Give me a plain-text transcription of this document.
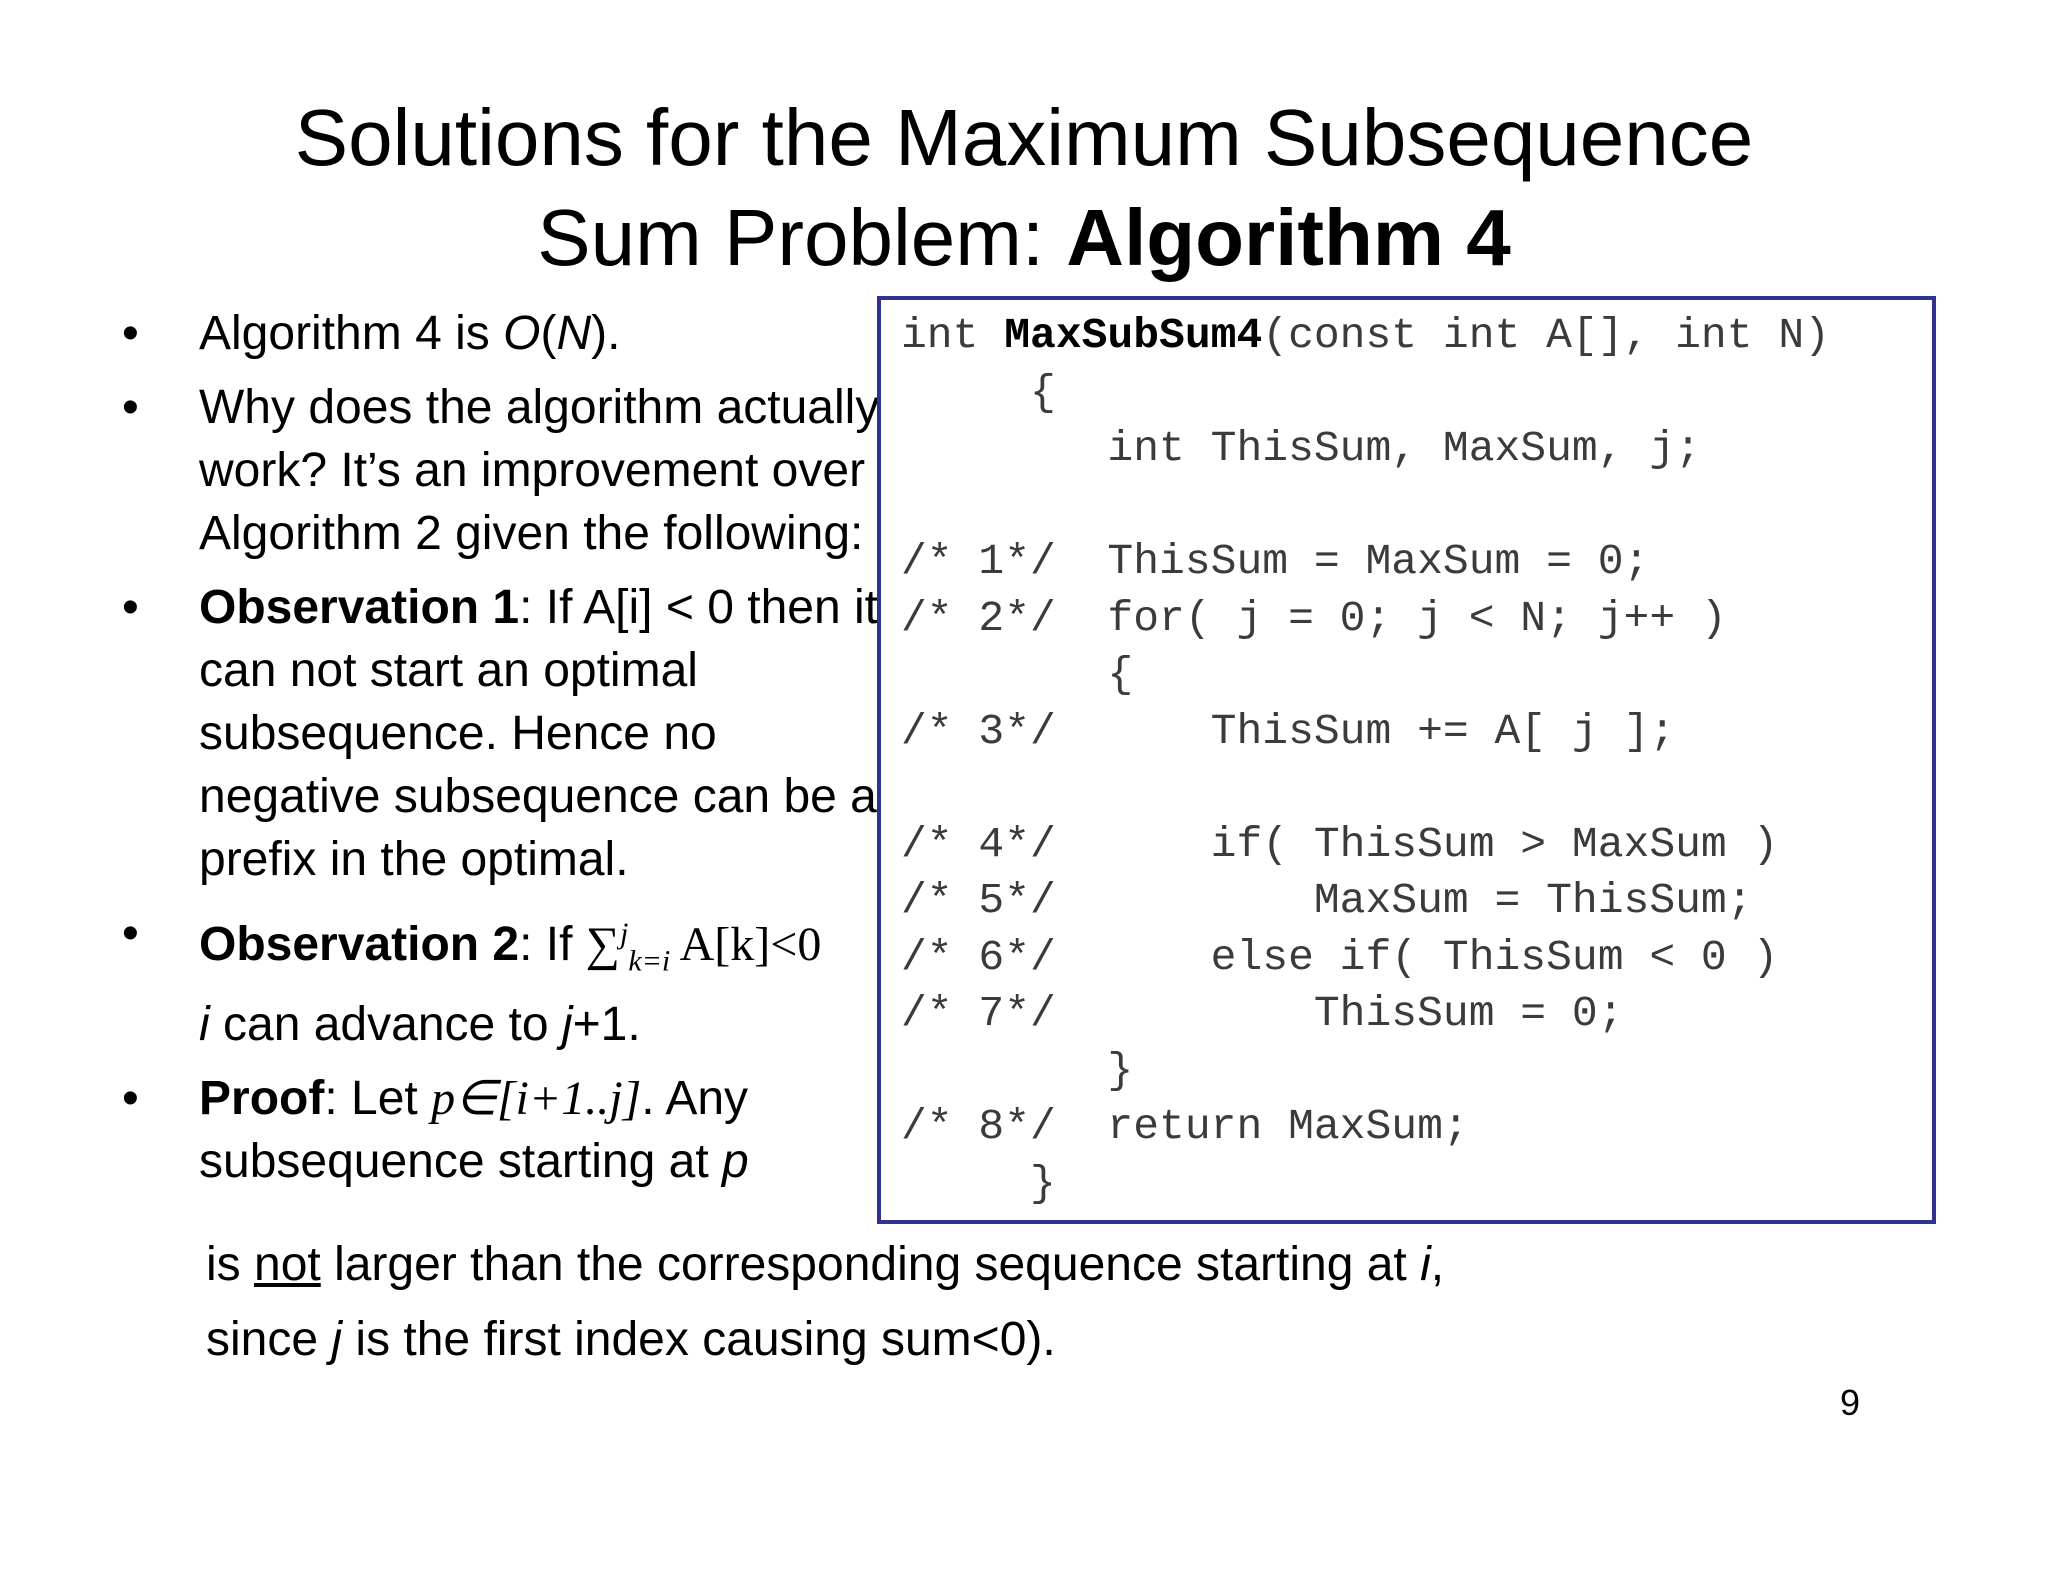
Solutions for the Maximum Subsequence
Sum Problem: Algorithm 4
• Algorithm 4 is O(N).
• Why does the algorithm actually work? It’s an improvement over Algorithm 2 given the following:
• Observation 1: If A[i] < 0 then it can not start an optimal subsequence. Hence no negative subsequence can be a prefix in the optimal.
• Observation 2: If ∑$^j_{k=i}$ A[k]<0
i can advance to j+1.
• Proof: Let p∈[i+1..j]. Any subsequence starting at p
is not larger than the corresponding sequence starting at i,
since j is the first index causing sum<0).
int MaxSubSum4(const int A[], int N)
{
int ThisSum, MaxSum, j;

/* 1*/  ThisSum = MaxSum = 0;
/* 2*/  for( j = 0; j < N; j++ )
{
/* 3*/      ThisSum += A[ j ];

/* 4*/      if( ThisSum > MaxSum )
/* 5*/          MaxSum = ThisSum;
/* 6*/      else if( ThisSum < 0 )
/* 7*/          ThisSum = 0;
}
/* 8*/  return MaxSum;
}
9
